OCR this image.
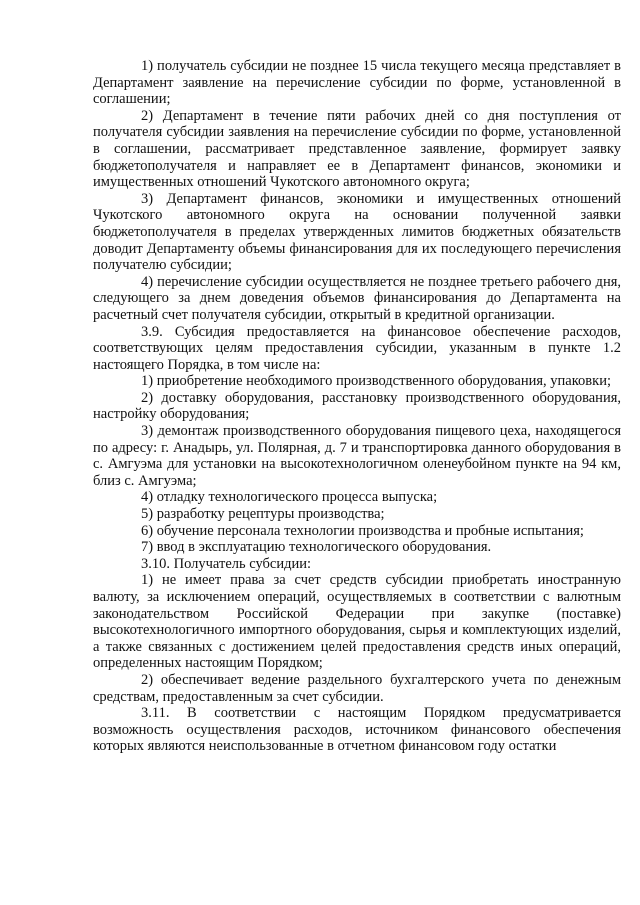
1) получатель субсидии не позднее 15 числа текущего месяца представляет в Департамент заявление на перечисление субсидии по форме, установленной в соглашении;

2) Департамент в течение пяти рабочих дней со дня поступления от получателя субсидии заявления на перечисление субсидии по форме, установленной в соглашении, рассматривает представленное заявление, формирует заявку бюджетополучателя и направляет ее в Департамент финансов, экономики и имущественных отношений Чукотского автономного округа;

3) Департамент финансов, экономики и имущественных отношений Чукотского автономного округа на основании полученной заявки бюджетополучателя в пределах утвержденных лимитов бюджетных обязательств доводит Департаменту объемы финансирования для их последующего перечисления получателю субсидии;

4) перечисление субсидии осуществляется не позднее третьего рабочего дня, следующего за днем доведения объемов финансирования до Департамента на расчетный счет получателя субсидии, открытый в кредитной организации.

3.9. Субсидия предоставляется на финансовое обеспечение расходов, соответствующих целям предоставления субсидии, указанным в пункте 1.2 настоящего Порядка, в том числе на:

1) приобретение необходимого производственного оборудования, упаковки;

2) доставку оборудования, расстановку производственного оборудования, настройку оборудования;

3) демонтаж производственного оборудования пищевого цеха, находящегося по адресу: г. Анадырь, ул. Полярная, д. 7 и транспортировка данного оборудования в с. Амгуэма для установки на высокотехнологичном оленеубойном пункте на 94 км, близ с. Амгуэма;

4) отладку технологического процесса выпуска;

5) разработку рецептуры производства;

6) обучение персонала технологии производства и пробные испытания;

7) ввод в эксплуатацию технологического оборудования.

3.10. Получатель субсидии:

1) не имеет права за счет средств субсидии приобретать иностранную валюту, за исключением операций, осуществляемых в соответствии с валютным законодательством Российской Федерации при закупке (поставке) высокотехнологичного импортного оборудования, сырья и комплектующих изделий, а также связанных с достижением целей предоставления средств иных операций, определенных настоящим Порядком;

2) обеспечивает ведение раздельного бухгалтерского учета по денежным средствам, предоставленным за счет субсидии.

3.11. В соответствии с настоящим Порядком предусматривается возможность осуществления расходов, источником финансового обеспечения которых являются неиспользованные в отчетном финансовом году остатки
